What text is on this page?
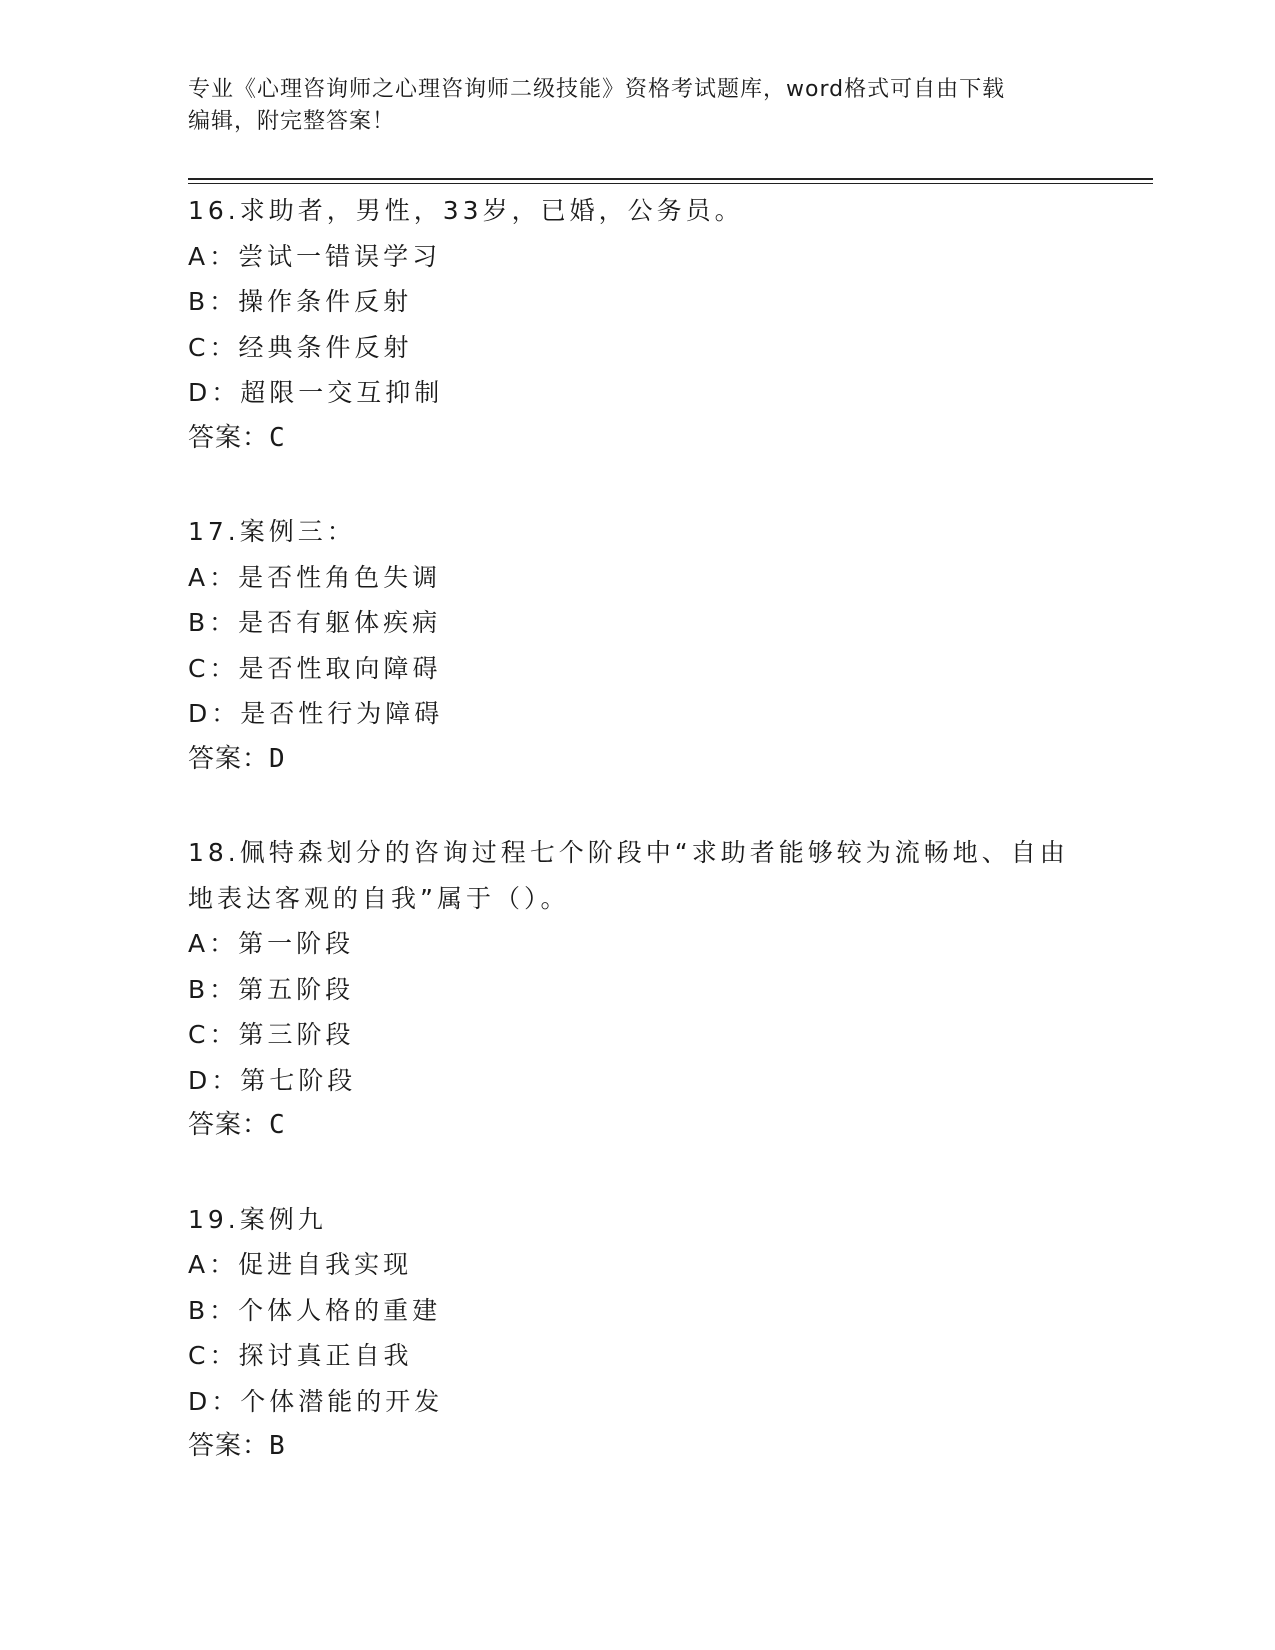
专业《心理咨询师之心理咨询师二级技能》资格考试题库，word格式可自由下载
编辑，附完整答案！
16.求助者，男性，33岁，已婚，公务员。
A：尝试一错误学习
B：操作条件反射
C：经典条件反射
D：超限一交互抑制
答案：C
17.案例三：
A：是否性角色失调
B：是否有躯体疾病
C：是否性取向障碍
D：是否性行为障碍
答案：D
18.佩特森划分的咨询过程七个阶段中“求助者能够较为流畅地、自由
地表达客观的自我”属于（）。
A：第一阶段
B：第五阶段
C：第三阶段
D：第七阶段
答案：C
19.案例九
A：促进自我实现
B：个体人格的重建
C：探讨真正自我
D：个体潜能的开发
答案：B
